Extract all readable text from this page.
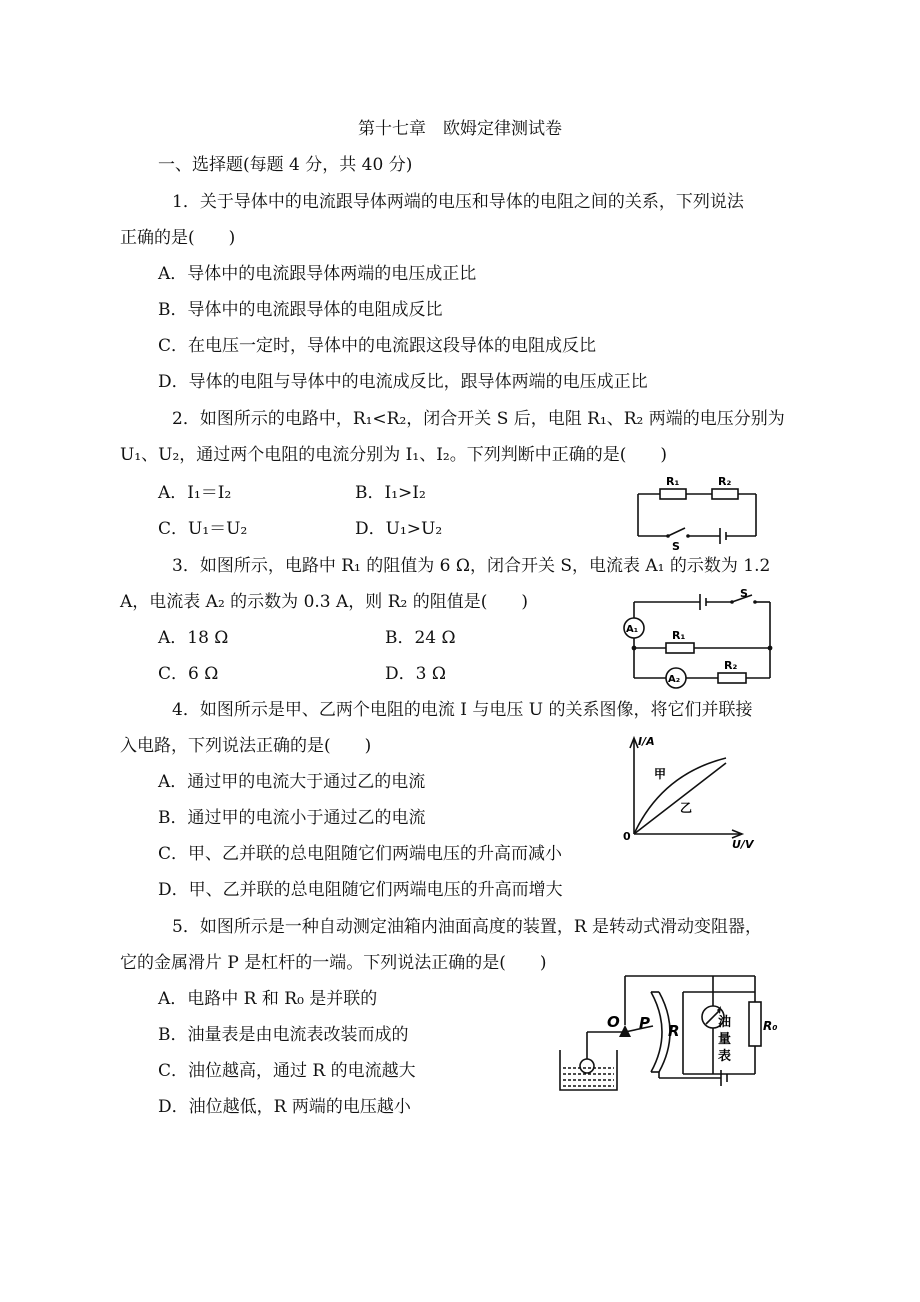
第十七章　欧姆定律测试卷
一、选择题(每题 4 分，共 40 分)
1．关于导体中的电流跟导体两端的电压和导体的电阻之间的关系，下列说法
正确的是(　　)
A．导体中的电流跟导体两端的电压成正比
B．导体中的电流跟导体的电阻成反比
C．在电压一定时，导体中的电流跟这段导体的电阻成反比
D．导体的电阻与导体中的电流成反比，跟导体两端的电压成正比
2．如图所示的电路中，R₁<R₂，闭合开关 S 后，电阻 R₁、R₂ 两端的电压分别为
U₁、U₂，通过两个电阻的电流分别为 I₁、I₂。下列判断中正确的是(　　)
A．I₁＝I₂	B．I₁>I₂
C．U₁＝U₂	D．U₁>U₂
R₁	R₂
S
3．如图所示，电路中 R₁ 的阻值为 6 Ω，闭合开关 S，电流表 A₁ 的示数为 1.2
A，电流表 A₂ 的示数为 0.3 A，则 R₂ 的阻值是(　　)
A．18 Ω	B．24 Ω
C．6 Ω	D．3 Ω
S
A₁	R₁
A₂
R₂
4．如图所示是甲、乙两个电阻的电流 I 与电压 U 的关系图像，将它们并联接
入电路，下列说法正确的是(　　)
A．通过甲的电流大于通过乙的电流
B．通过甲的电流小于通过乙的电流
C．甲、乙并联的总电阻随它们两端电压的升高而减小
D．甲、乙并联的总电阻随它们两端电压的升高而增大
I/A
U/V
0
甲
乙
5．如图所示是一种自动测定油箱内油面高度的装置，R 是转动式滑动变阻器，
它的金属滑片 P 是杠杆的一端。下列说法正确的是(　　)
A．电路中 R 和 R₀ 是并联的
B．油量表是由电流表改装而成的
C．油位越高，通过 R 的电流越大
D．油位越低，R 两端的电压越小
O P R	油
量
表
R₀
